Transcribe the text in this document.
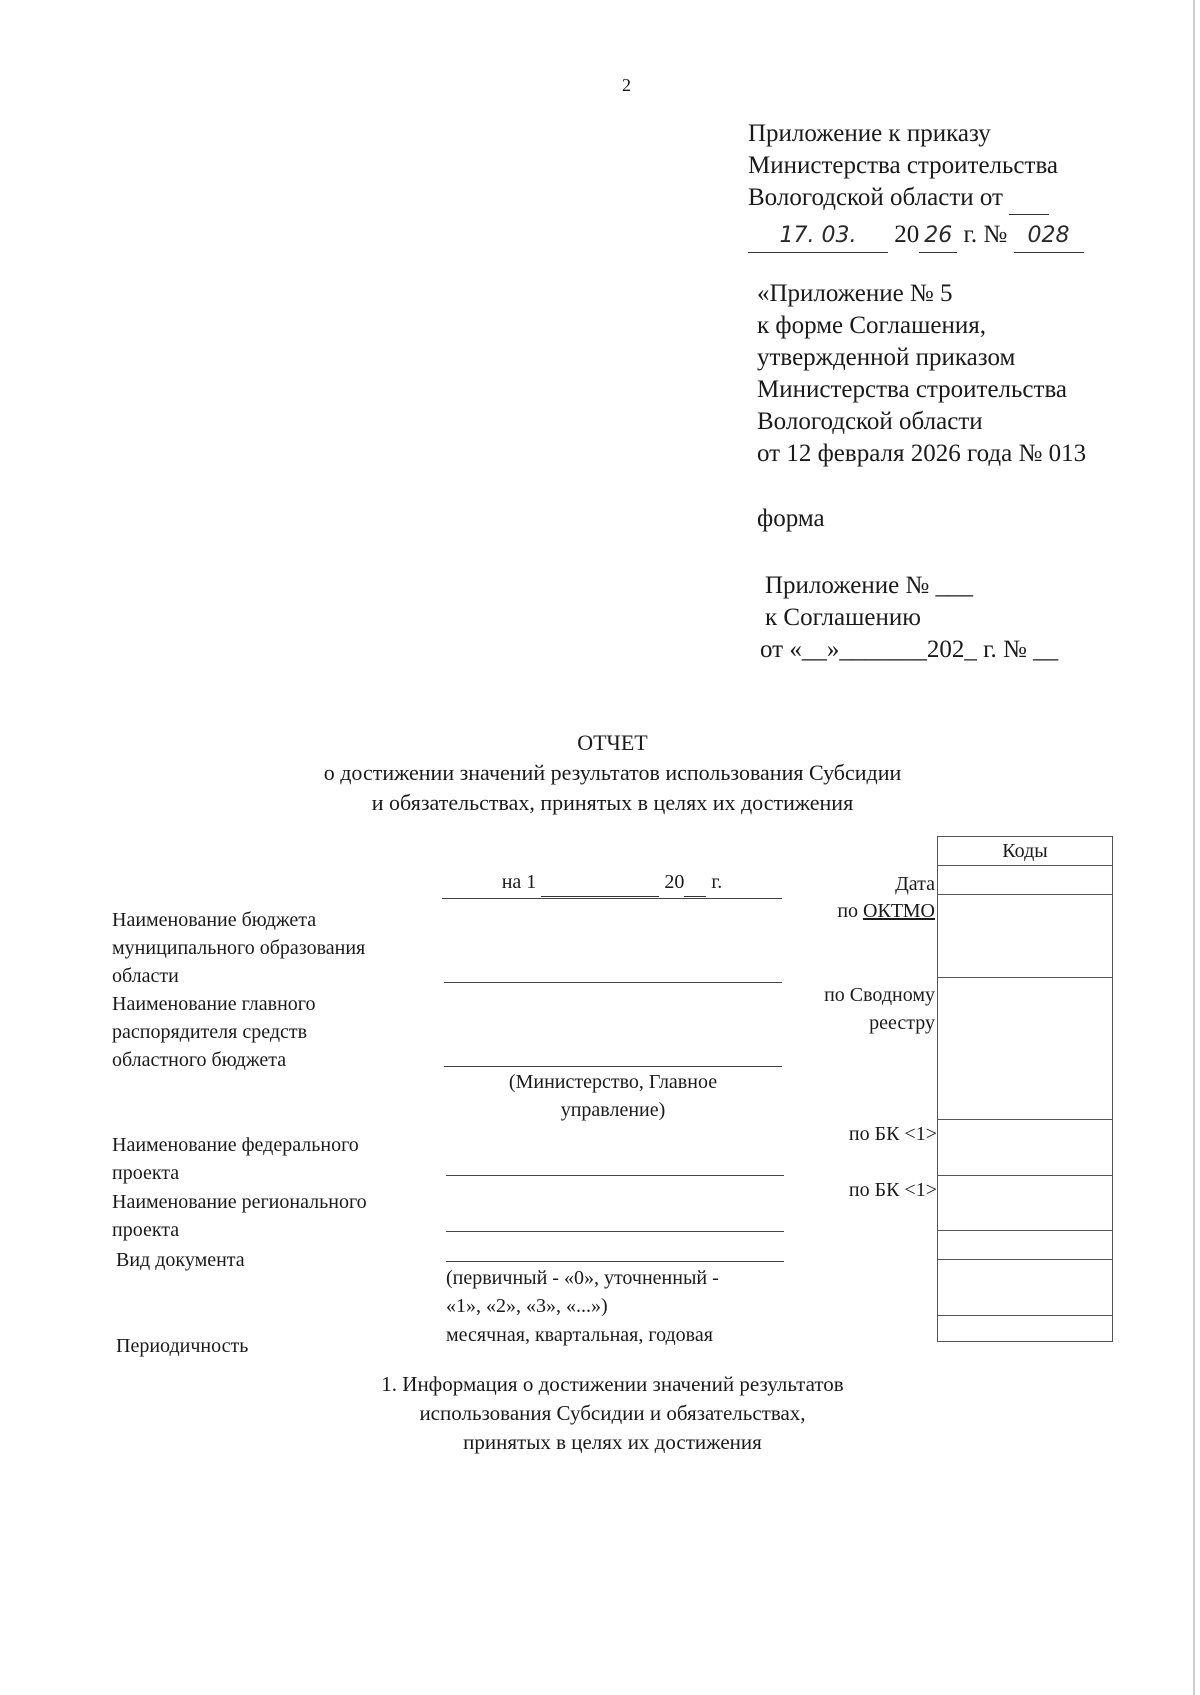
2
Приложение к приказу
Министерства строительства
Вологодской области от
17. 03. 20 26 г. № 028
«Приложение № 5
к форме Соглашения,
утвержденной приказом
Министерства строительства
Вологодской области
от 12 февраля 2026 года № 013
форма
Приложение № ___
к Соглашению
от «__»_______202_ г. № __
ОТЧЕТ
о достижении значений результатов использования Субсидии
и обязательствах, принятых в целях их достижения
на 1	20 г.
Наименование бюджета
муниципального образования
области
Наименование главного
распорядителя средств
областного бюджета
Наименование федерального
проекта
Наименование регионального
проекта
Вид документа
Периодичность
(Министерство, Главное
управление)
(первичный - «0», уточненный -
«1», «2», «3», «...»)
месячная, квартальная, годовая
Дата
по ОКТМО
по Сводному
реестру
по БК <1>
по БК <1>
Коды
1. Информация о достижении значений результатов
использования Субсидии и обязательствах,
принятых в целях их достижения
